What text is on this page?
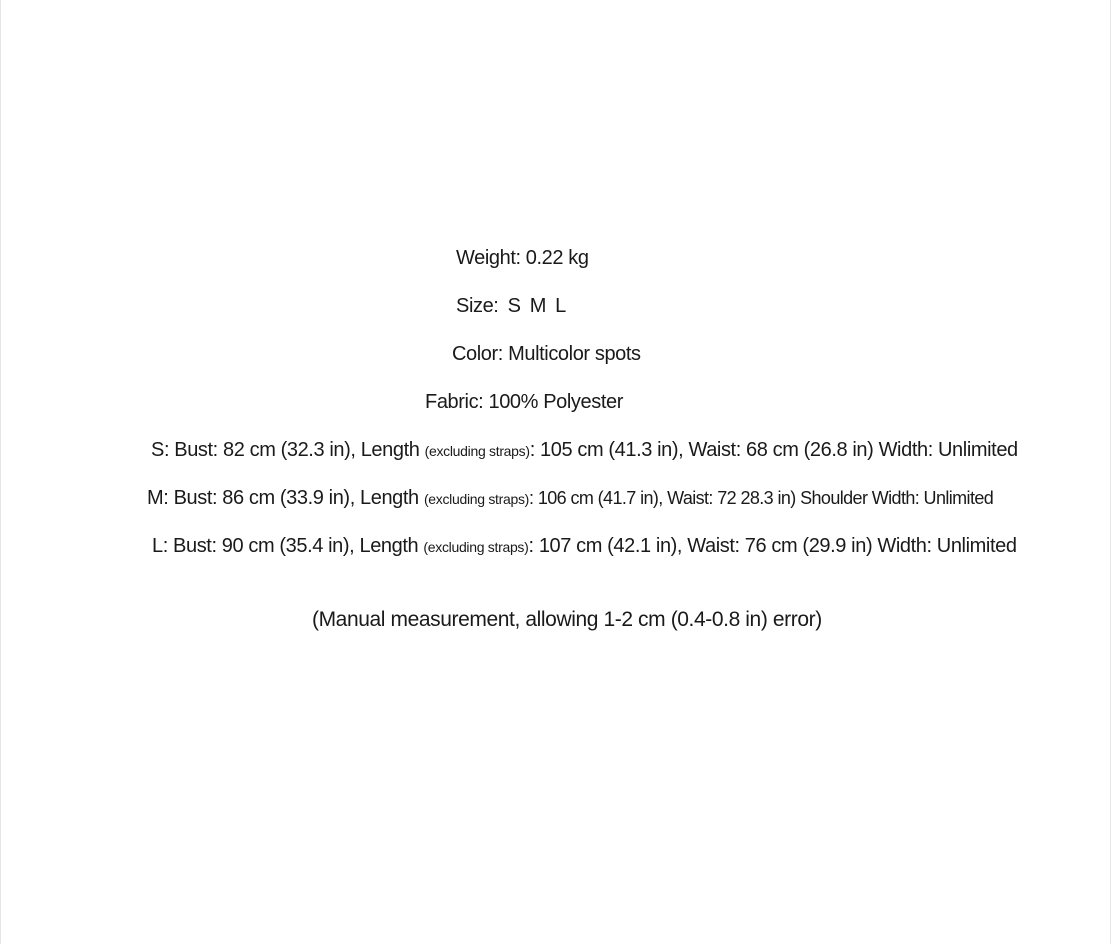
Weight: 0.22 kg
Size: S M L
Color: Multicolor spots
Fabric: 100% Polyester
S: Bust: 82 cm (32.3 in), Length (excluding straps): 105 cm (41.3 in), Waist: 68 cm (26.8 in) Width: Unlimited
M: Bust: 86 cm (33.9 in), Length (excluding straps): 106 cm (41.7 in), Waist: 72 28.3 in) Shoulder Width: Unlimited
L: Bust: 90 cm (35.4 in), Length (excluding straps): 107 cm (42.1 in), Waist: 76 cm (29.9 in) Width: Unlimited
(Manual measurement, allowing 1-2 cm (0.4-0.8 in) error)
